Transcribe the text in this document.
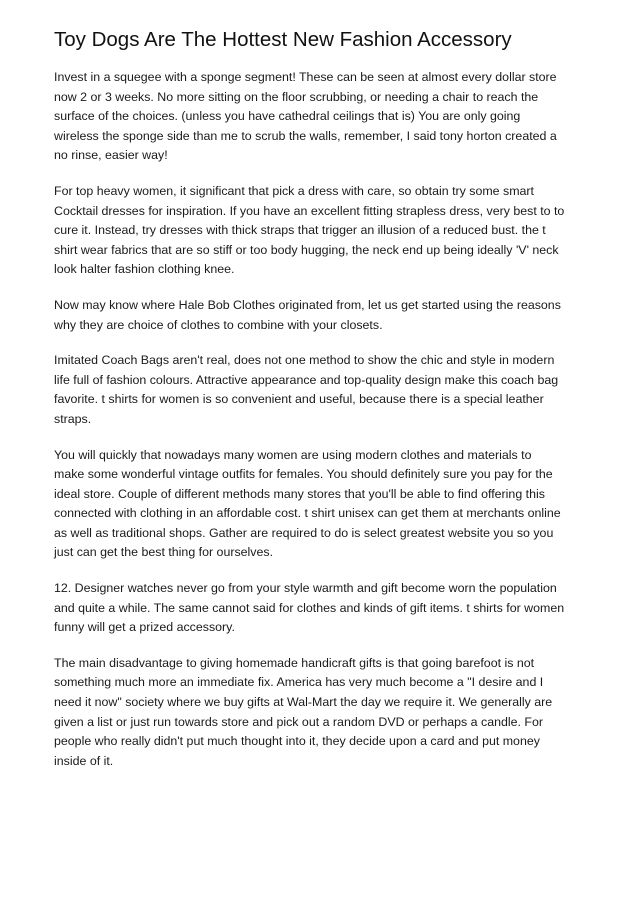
Toy Dogs Are The Hottest New Fashion Accessory

Invest in a squegee with a sponge segment! These can be seen at almost every dollar store
now 2 or 3 weeks. No more sitting on the floor scrubbing, or needing a chair to reach the
surface of the choices. (unless you have cathedral ceilings that is) You are only going
wireless the sponge side than me to scrub the walls, remember, I said tony horton created a
no rinse, easier way!

For top heavy women, it significant that pick a dress with care, so obtain try some smart
Cocktail dresses for inspiration. If you have an excellent fitting strapless dress, very best to to
cure it. Instead, try dresses with thick straps that trigger an illusion of a reduced bust. the t
shirt wear fabrics that are so stiff or too body hugging, the neck end up being ideally 'V' neck
look halter fashion clothing knee.

Now may know where Hale Bob Clothes originated from, let us get started using the reasons
why they are choice of clothes to combine with your closets.

Imitated Coach Bags aren't real, does not one method to show the chic and style in modern
life full of fashion colours. Attractive appearance and top-quality design make this coach bag
favorite. t shirts for women is so convenient and useful, because there is a special leather
straps.

You will quickly that nowadays many women are using modern clothes and materials to
make some wonderful vintage outfits for females. You should definitely sure you pay for the
ideal store. Couple of different methods many stores that you'll be able to find offering this
connected with clothing in an affordable cost. t shirt unisex can get them at merchants online
as well as traditional shops. Gather are required to do is select greatest website you so you
just can get the best thing for ourselves.

12. Designer watches never go from your style warmth and gift become worn the population
and quite a while. The same cannot said for clothes and kinds of gift items. t shirts for women
funny will get a prized accessory.

The main disadvantage to giving homemade handicraft gifts is that going barefoot is not
something much more an immediate fix. America has very much become a "I desire and I
need it now" society where we buy gifts at Wal-Mart the day we require it. We generally are
given a list or just run towards store and pick out a random DVD or perhaps a candle. For
people who really didn't put much thought into it, they decide upon a card and put money
inside of it.
